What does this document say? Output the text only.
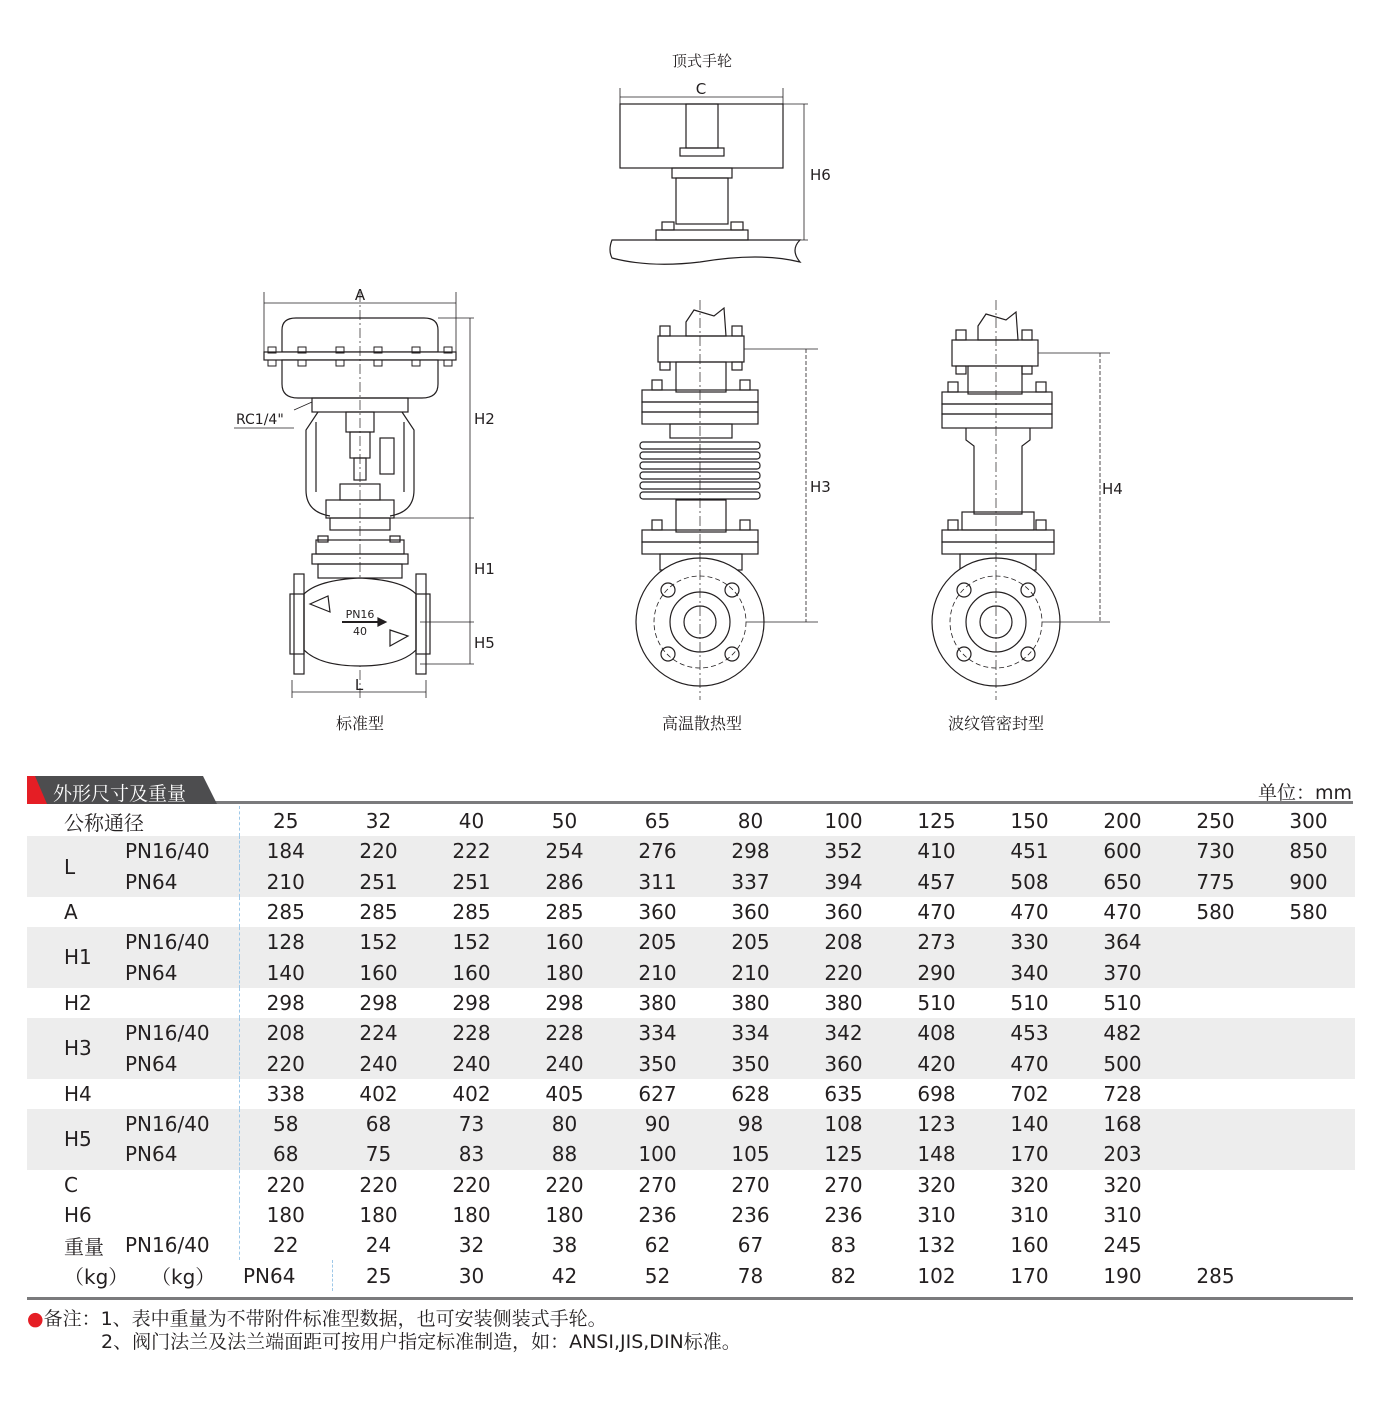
顶式手轮
C
H6
A
H2
H1
H5
L
RC1/4"
PN16
40
H3	H4
标准型	高温散热型	波纹管密封型
外形尺寸及重量	单位：mm
公称通径		25	32	40	50	65	80	100	125	150	200	250	300	
L	PN16/40	184	220	222	254	276	298	352	410	451	600	730	850	
	PN64	210	251	251	286	311	337	394	457	508	650	775	900	
A		285	285	285	285	360	360	360	470	470	470	580	580	
H1	PN16/40	128	152	152	160	205	205	208	273	330	364			
	PN64	140	160	160	180	210	210	220	290	340	370			
H2		298	298	298	298	380	380	380	510	510	510			
H3	PN16/40	208	224	228	228	334	334	342	408	453	482			
	PN64	220	240	240	240	350	350	360	420	470	500			
H4		338	402	402	405	627	628	635	698	702	728			
H5	PN16/40	58	68	73	80	90	98	108	123	140	168			
	PN64	68	75	83	88	100	105	125	148	170	203			
C		220	220	220	220	270	270	270	320	320	320			
H6		180	180	180	180	236	236	236	310	310	310			
重量	PN16/40	22	24	32	38	62	67	83	132	160	245			
（kg）	（kg）	PN64	25	30	42	52	78	82	102	170	190	285		
●备注：1、表中重量为不带附件标准型数据，也可安装侧装式手轮。
2、阀门法兰及法兰端面距可按用户指定标准制造，如：ANSI,JIS,DIN标准。
